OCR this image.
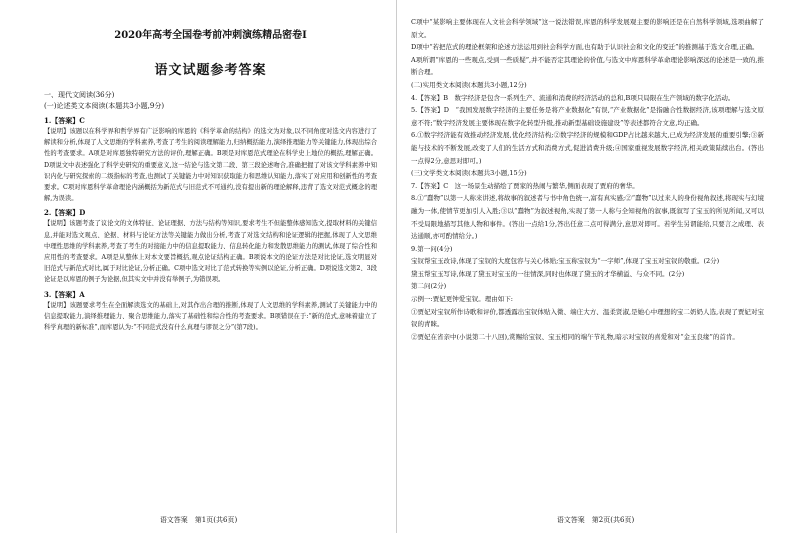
2020年高考全国卷考前冲刺演练精品密卷Ⅰ

语文试题参考答案

一、现代文阅读(36分)

(一)论述类文本阅读(本题共3小题,9分)

1.【答案】C

【说明】该题以在科学界和哲学界有广泛影响的库恩的《科学革命的结构》的选文为对象,以不同角度对选文内容进行了解读和分析,体现了人文思维的学科素养,考查了考生的阅读理解能力,归纳概括能力,演绎推理能力等关键能力,体现出综合性的考查要求。A项是对库恩独特研究方法的评价,理解正确。B项是对库恩范式理论在科学史上地位的概括,理解正确。D项说文中表述强化了科学史研究的重要意义,这一结论与选文第二段、第三段论述吻合,准确把握了对该文学科素养中知识内化与研究探索的二级指标的考查,也测试了关键能力中对知识获取能力和思维认知能力,落实了对应用和创新性的考查要求。C项对库恩科学革命理论内涵概括为新范式与旧范式不可通约,没有提出新的理论解释,违背了选文对范式概念的理解,为误读。

2.【答案】D

【说明】该题考查了议论文的文体特征、论证理据、方法与结构等知识,要求考生不但能整体感知选文,提取材料的关键信息,并能对选文观点、论据、材料与论证方法等关键能力做出分析,考查了对选文结构和论证逻辑的把握,体现了人文思维中理性思维的学科素养,考查了考生的对接能力中的信息提取能力、信息转化能力和发散思维能力的测试,体现了综合性和应用性的考查要求。A项是从整体上对本文要旨概括,观点论证结构正确。B项说本文的论证方法是对比论证,选文明显对旧范式与新范式对比,属于对比论证,分析正确。C项中选文对比了范式转换等实例以论证,分析正确。D项说选文第2、3段论证是以库恩的例子为论据,但其实文中并没有举例子,为错误项。

3.【答案】A

【说明】该题要求考生在全面解读选文的基础上,对其作出合理的推断,体现了人文思维的学科素养,测试了关键能力中的信息提取能力,演绎推理能力、聚合思维能力,落实了基础性和综合性的考查要求。B项错误在于:“新的范式,意味着建立了科学真理的新标准”,而库恩认为:“不同范式没有什么真理与谬误之分”(第7段)。

语文答案　第1页(共6页)

C项中“某影响主要体现在人文社会科学领域”这一说法错误,库恩的科学发展观主要的影响还是在自然科学领域,选项曲解了原文。

D项中“若把范式的理论框架和论述方法运用到社会科学方面,也有助于认识社会和文化的变迁”的推测基于选文合理,正确。

A项所谓“库恩的一些观点,受到一些质疑”,并不能否定其理论的价值,与选文中库恩科学革命理论影响深远的论述是一致的,推断合理。

(二)实用类文本阅读(本题共3小题,12分)

4.【答案】B　数字经济是包含一系列生产、流通和消费的经济活动的总和,B项只局限在生产领域的数字化活动。

5.【答案】D　“我国发展数字经济的主要任务是将产业数据化”有误,“产业数据化”是指融合性数据经济,该项理解与选文原意不符;“数字经济发展主要体现在数字化转型升级,推动新型基础设施建设”等表述都符合文意,均正确。

6.①数字经济能有效推动经济发展,优化经济结构;②数字经济的规模和GDP占比越来越大,已成为经济发展的重要引擎;③新能与技术的不断发展,改变了人们的生活方式和消费方式,促进消费升级;④国家重视发展数字经济,相关政策陆续出台。(答出一点得2分,意思对即可。)

(三)文学类文本阅读(本题共3小题,15分)

7.【答案】C　这一场景生动描绘了贾家的热闹与繁华,侧面表现了贾府的奢华。

8.①“蠢物”以第一人称来讲述,将故事的叙述者与书中角色统一,富有真实感;②“蠢物”以过来人的身份视角叙述,将现实与幻境融为一体,使情节更加引人入胜;③以“蠢物”为叙述视角,实现了第一人称与全知视角的叙事,既叙写了宝玉的所见所闻,又可以不受局限地描写其他人物和事件。(答出一点给1分,答出任意二点可得满分,意思对即可。若学生另谓能给,只要言之成理、表达通顺,亦可酌情给分。)

9.第一问(4分)

宝钗帮宝玉改诗,体现了宝钗的大度包容与关心体贴;宝玉称宝钗为“一字师”,体现了宝玉对宝钗的敬重。(2分)

黛玉帮宝玉写诗,体现了黛玉对宝玉的一往情深,同时也体现了黛玉的才华横溢、与众不同。(2分)

第二问(2分)

示例一:贾妃更钟爱宝钗。理由如下:

①贾妃对宝钗所作诗歌和评价,都透露出宝钗体贴入微、端庄大方、温柔贤淑,是她心中理想的宝二奶奶人选,表现了贾妃对宝钗的青睐。

②贾妃在省亲中(小说第二十八回),赏赐给宝钗、宝玉相同的端午节礼物,暗示对宝钗的喜爱和对“金玉良缘”的首肯。

语文答案　第2页(共6页)
